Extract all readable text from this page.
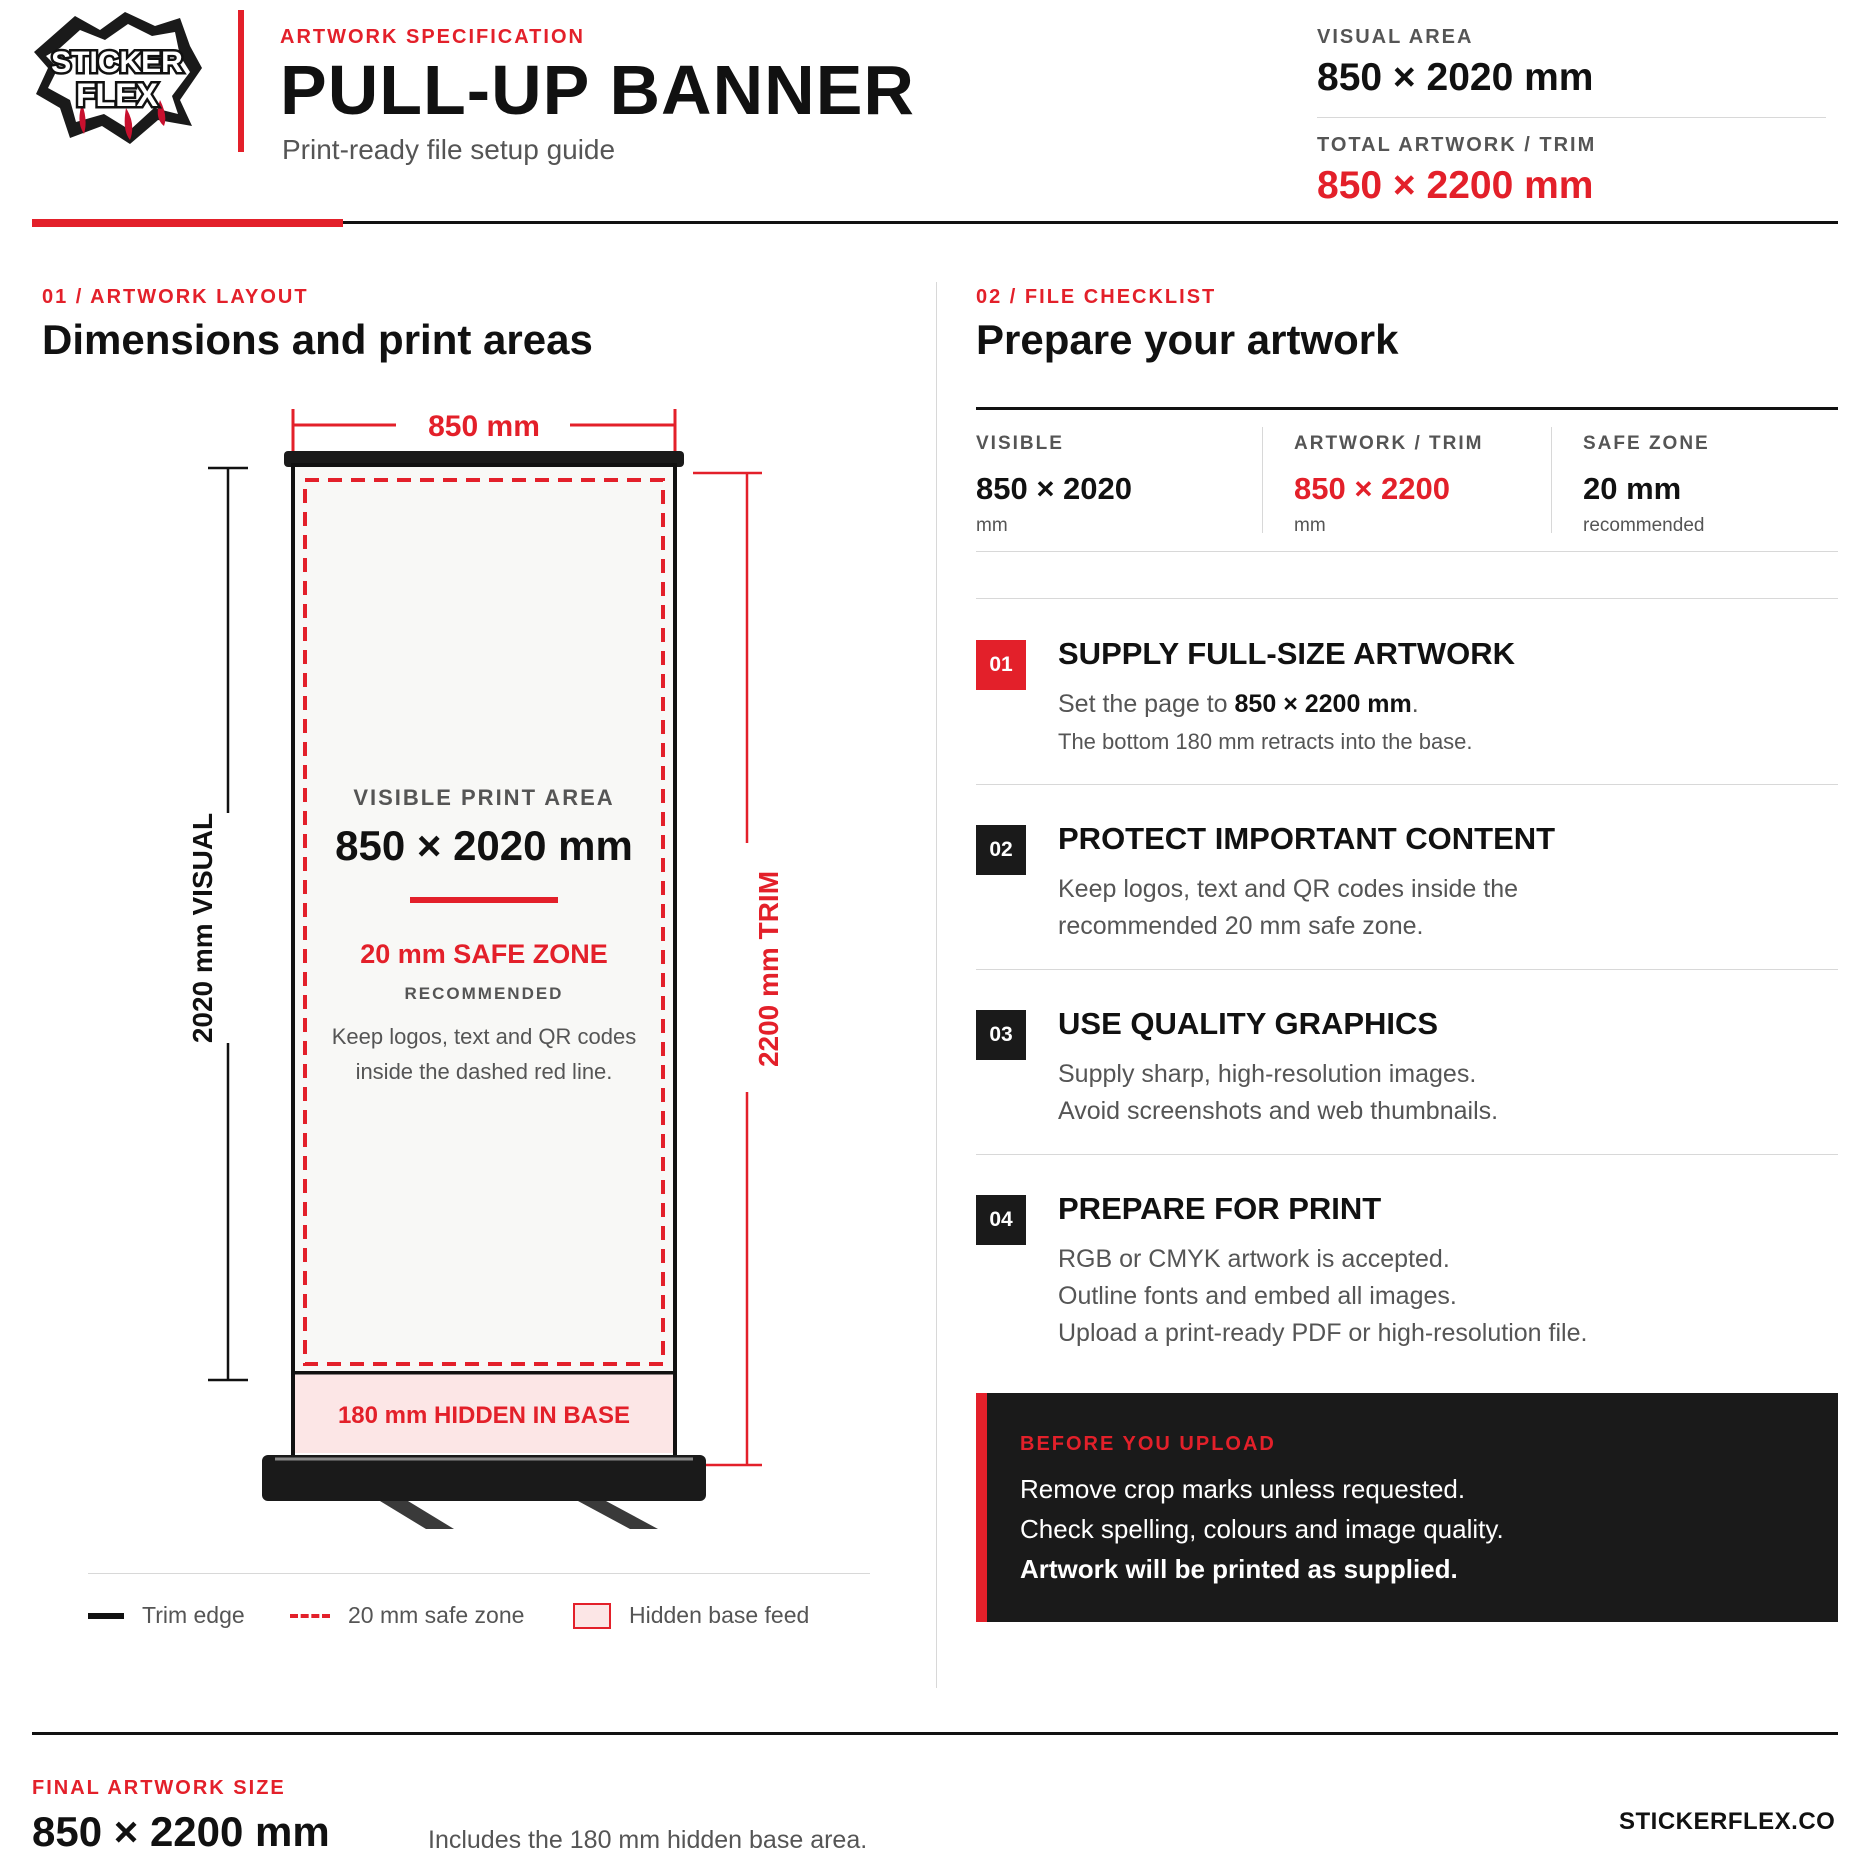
STICKER
FLEX
ARTWORK SPECIFICATION
PULL-UP BANNER
Print-ready file setup guide
VISUAL AREA
850 × 2020 mm
TOTAL ARTWORK / TRIM
850 × 2200 mm
01 / ARTWORK LAYOUT
Dimensions and print areas
850 mm
2020 mm VISUAL	2200 mm TRIM
VISIBLE PRINT AREA
850 × 2020 mm
20 mm SAFE ZONE
RECOMMENDED
Keep logos, text and QR codes
inside the dashed red line.
180 mm HIDDEN IN BASE
Trim edge	20 mm safe zone	Hidden base feed
02 / FILE CHECKLIST
Prepare your artwork
VISIBLE
850 × 2020
mm
ARTWORK / TRIM
850 × 2200
mm
SAFE ZONE
20 mm
recommended
01	SUPPLY FULL-SIZE ARTWORK
Set the page to 850 × 2200 mm.
The bottom 180 mm retracts into the base.
02	PROTECT IMPORTANT CONTENT
Keep logos, text and QR codes inside the
recommended 20 mm safe zone.
03	USE QUALITY GRAPHICS
Supply sharp, high-resolution images.
Avoid screenshots and web thumbnails.
04	PREPARE FOR PRINT
RGB or CMYK artwork is accepted.
Outline fonts and embed all images.
Upload a print-ready PDF or high-resolution file.
BEFORE YOU UPLOAD
Remove crop marks unless requested.
Check spelling, colours and image quality.
Artwork will be printed as supplied.
FINAL ARTWORK SIZE
850 × 2200 mm	Includes the 180 mm hidden base area.
STICKERFLEX.CO
